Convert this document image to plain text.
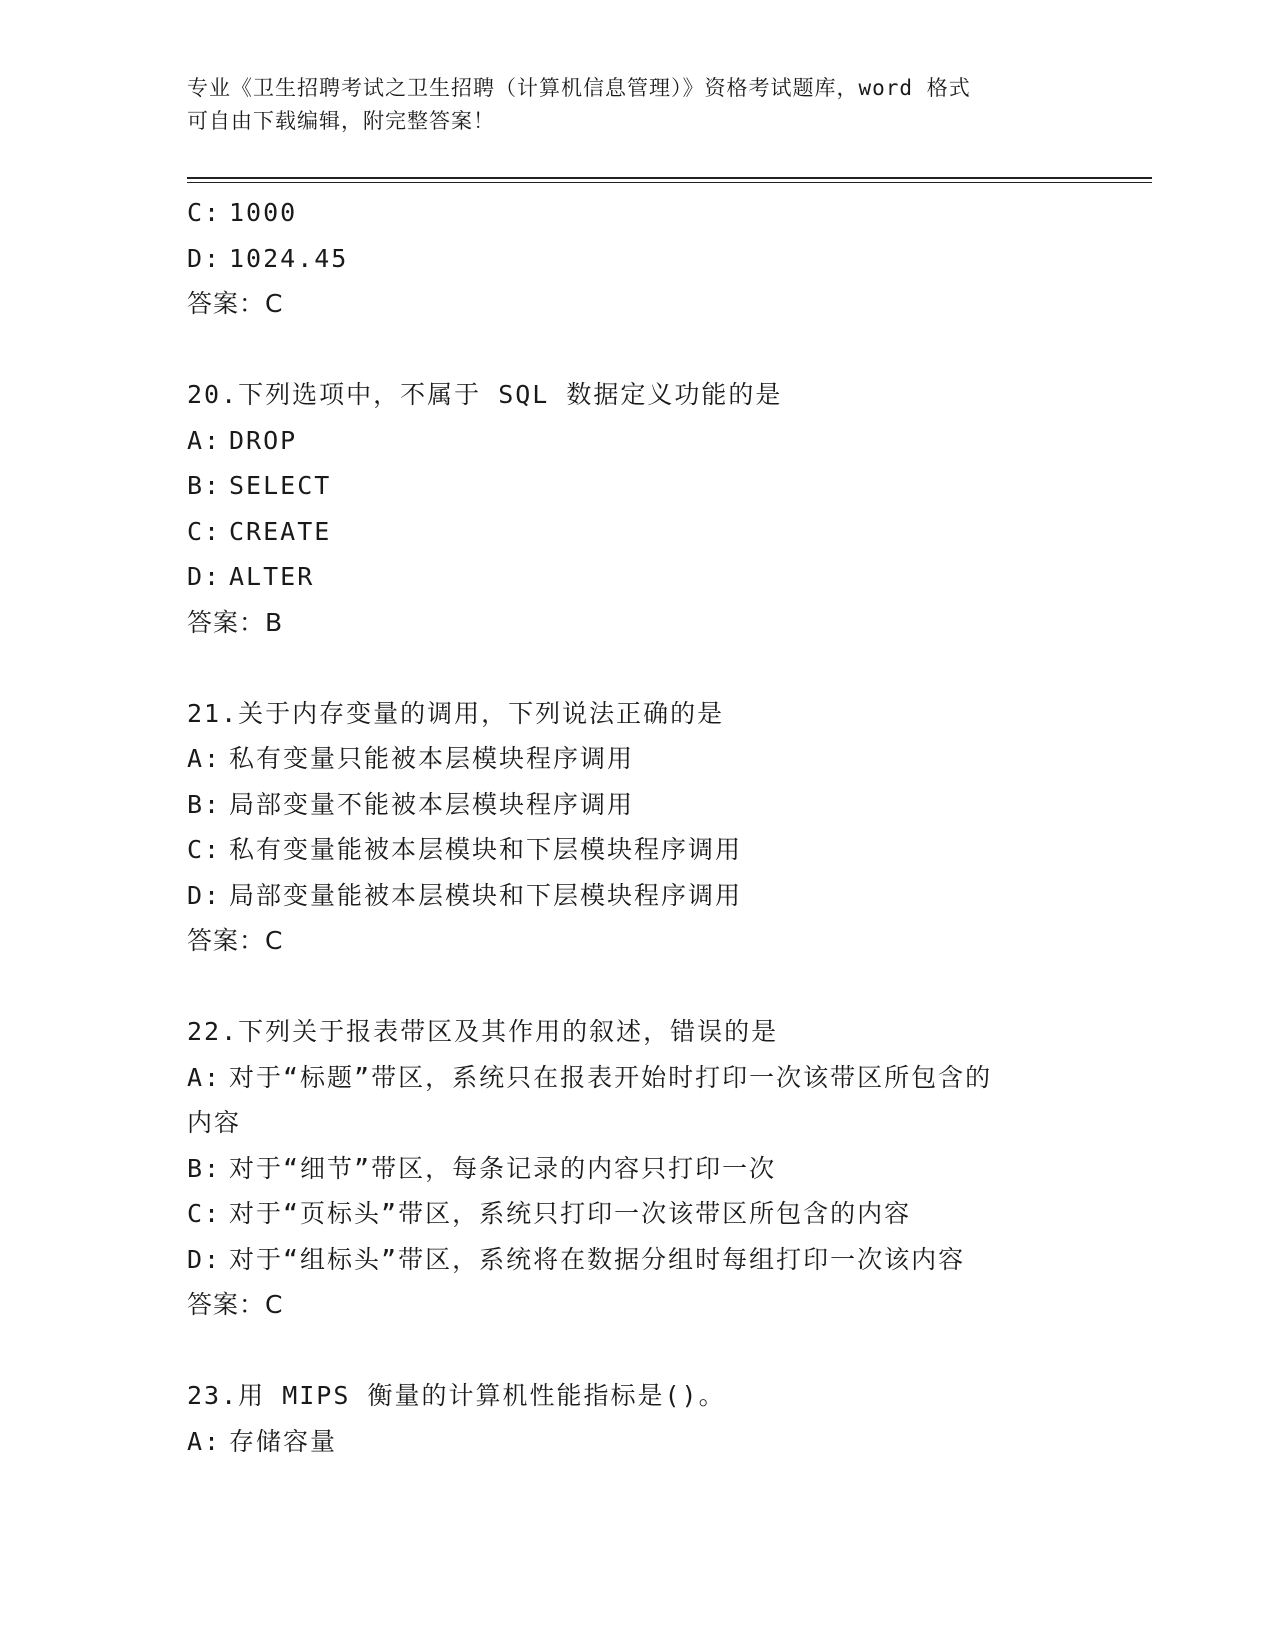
专业《卫生招聘考试之卫生招聘（计算机信息管理）》资格考试题库，word 格式
可自由下载编辑，附完整答案！
C: 1000
D: 1024.45
答案：C
20.下列选项中，不属于 SQL 数据定义功能的是
A: DROP
B: SELECT
C: CREATE
D: ALTER
答案：B
21.关于内存变量的调用，下列说法正确的是
A: 私有变量只能被本层模块程序调用
B: 局部变量不能被本层模块程序调用
C: 私有变量能被本层模块和下层模块程序调用
D: 局部变量能被本层模块和下层模块程序调用
答案：C
22.下列关于报表带区及其作用的叙述，错误的是
A: 对于“标题”带区，系统只在报表开始时打印一次该带区所包含的
内容
B: 对于“细节”带区，每条记录的内容只打印一次
C: 对于“页标头”带区，系统只打印一次该带区所包含的内容
D: 对于“组标头”带区，系统将在数据分组时每组打印一次该内容
答案：C
23.用 MIPS 衡量的计算机性能指标是()。
A: 存储容量
